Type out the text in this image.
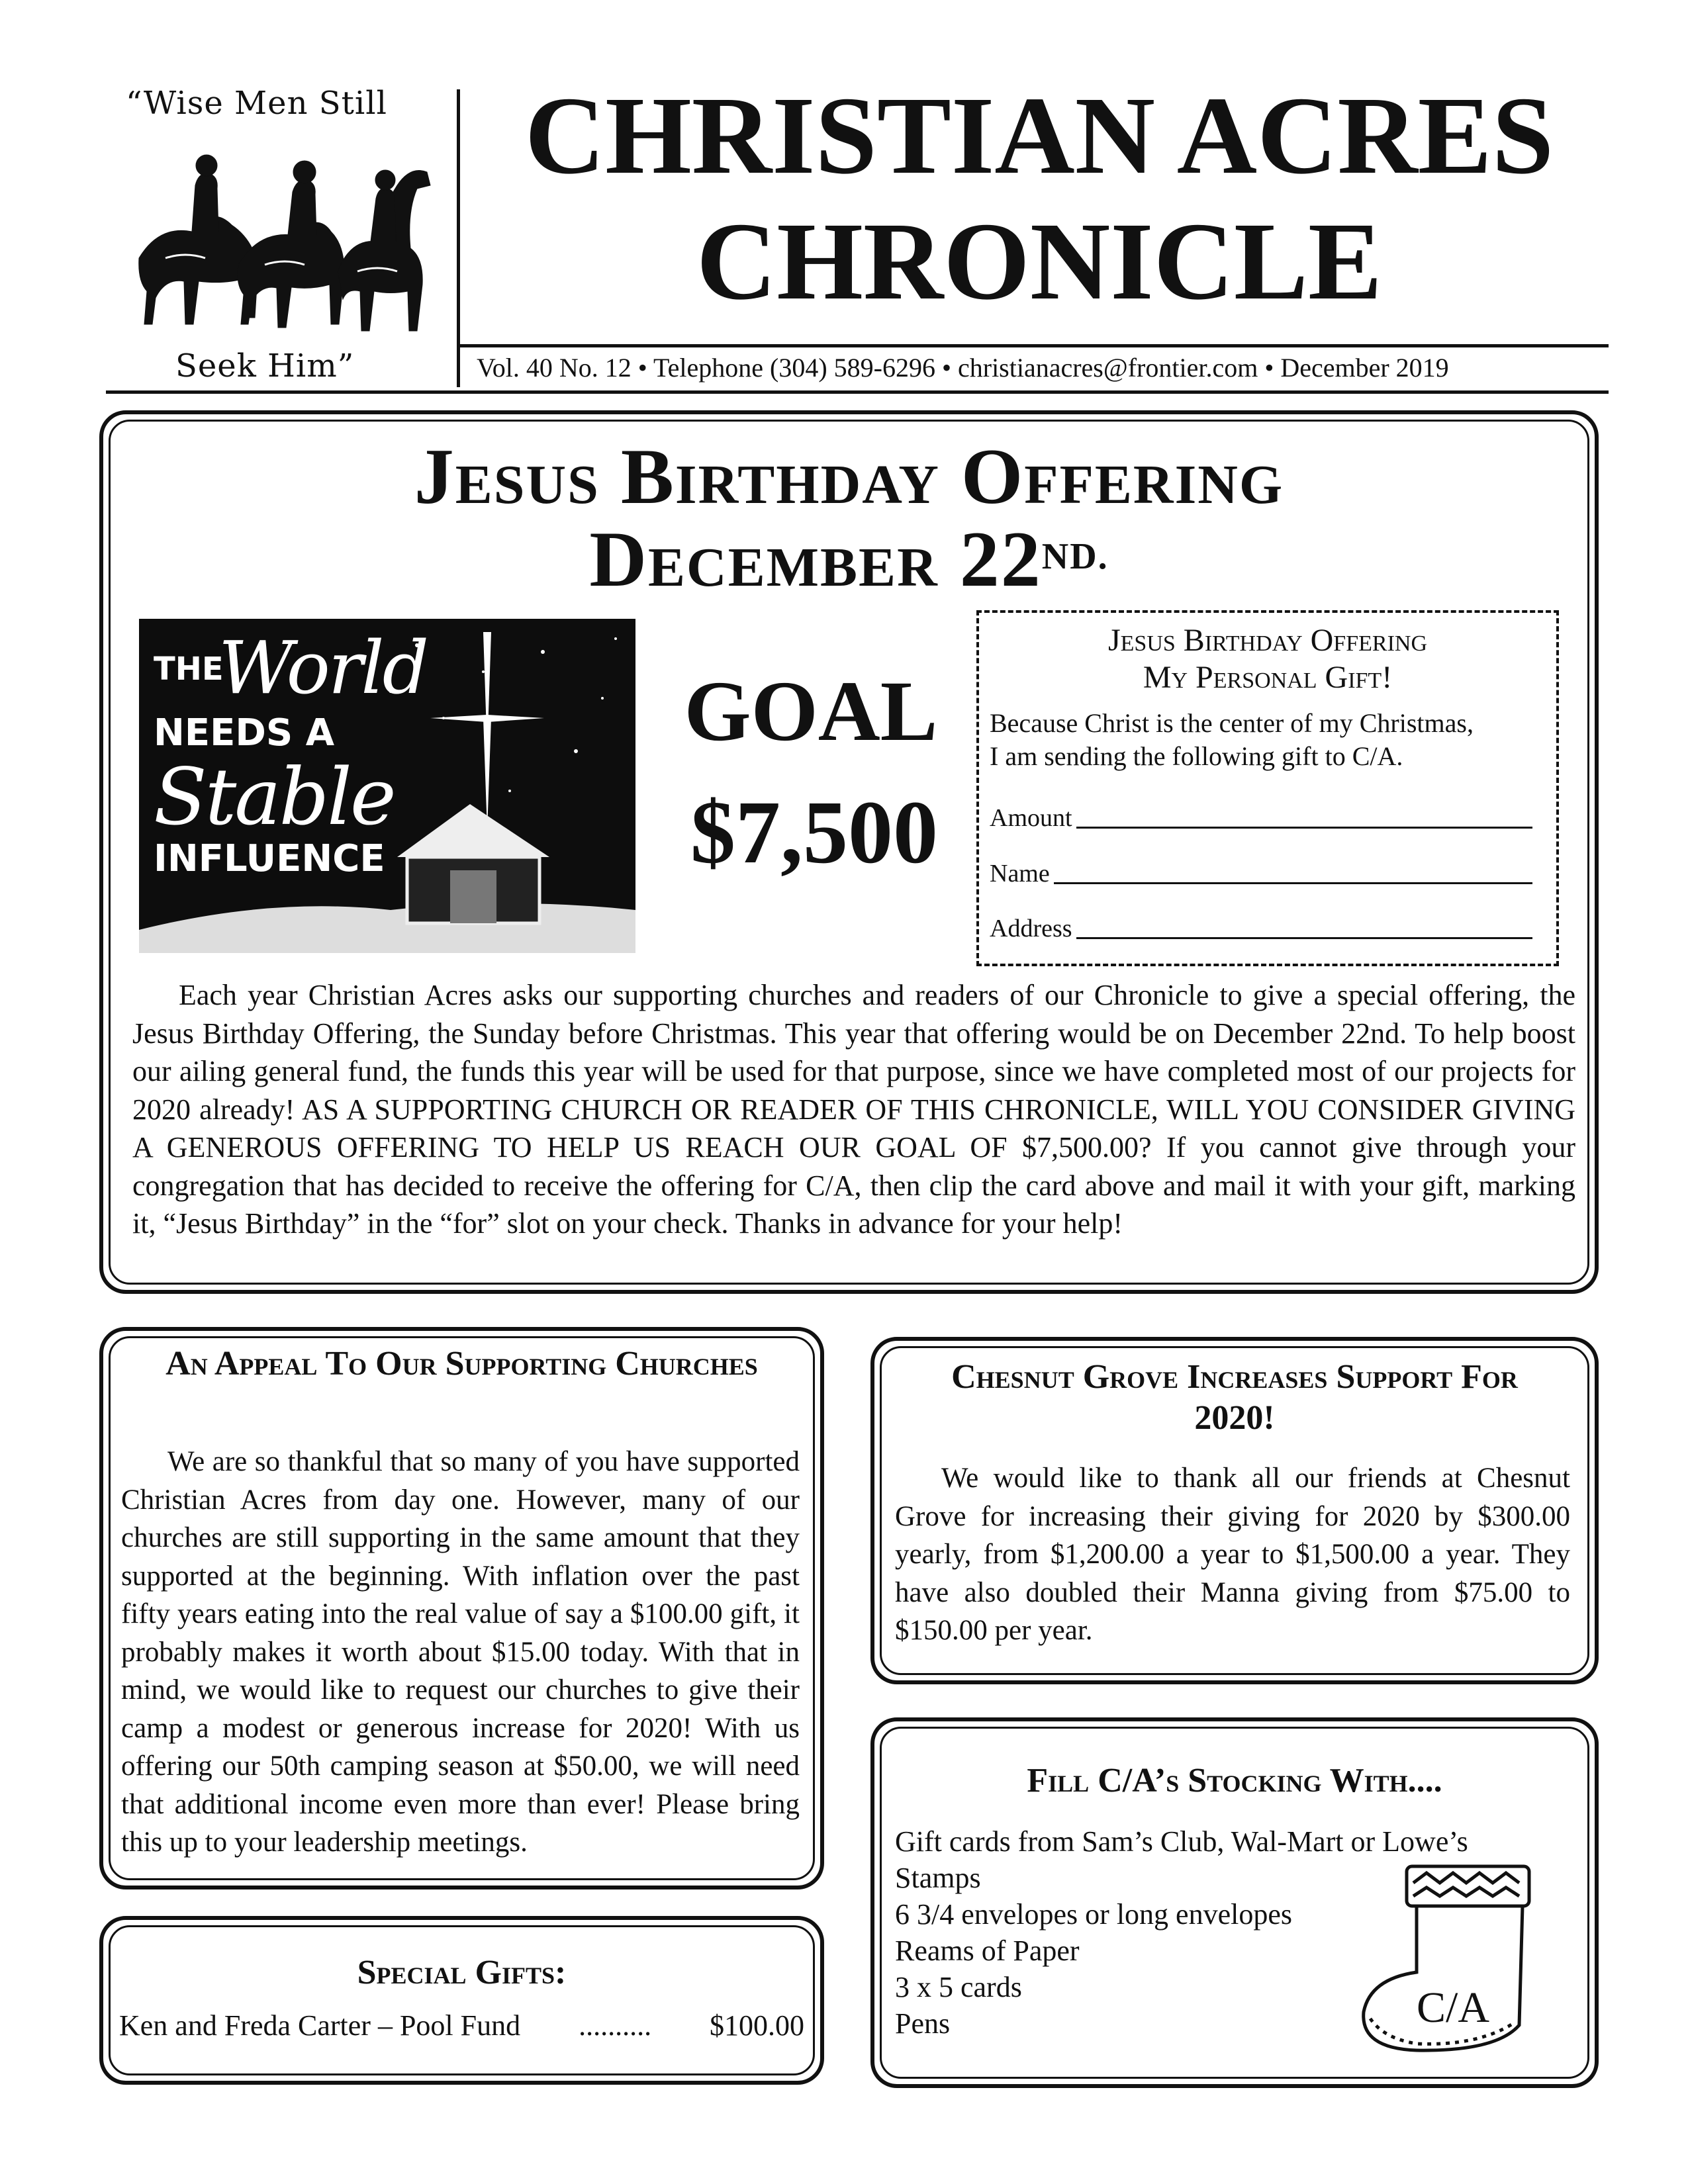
“Wise Men Still
Seek Him”
CHRISTIAN ACRES
CHRONICLE
Vol. 40 No. 12 • Telephone (304) 589-6296 • christianacres@frontier.com • December 2019
Jesus Birthday Offering
December $22^{ND.}$
THE
World
NEEDS A
Stable
INFLUENCE
GOAL
$7,500
Jesus Birthday Offering
My Personal Gift!
Because Christ is the center of my Christmas,
I am sending the following gift to C/A.
Amount
Name
Address
Each year Christian Acres asks our supporting churches and readers of our Chronicle to give a special offering, the Jesus Birthday Offering, the Sunday before Christmas. This year that offering would be on December 22nd. To help boost our ailing general fund, the funds this year will be used for that purpose, since we have completed most of our projects for 2020 already! AS A SUPPORTING CHURCH OR READER OF THIS CHRONICLE, WILL YOU CONSIDER GIVING A GENEROUS OFFERING TO HELP US REACH OUR GOAL OF $7,500.00? If you cannot give through your congregation that has decided to receive the offering for C/A, then clip the card above and mail it with your gift, marking it, “Jesus Birthday” in the “for” slot on your check. Thanks in advance for your help!
An Appeal To Our Supporting Churches
We are so thankful that so many of you have supported Christian Acres from day one. However, many of our churches are still supporting in the same amount that they supported at the beginning. With inflation over the past fifty years eating into the real value of say a $100.00 gift, it probably makes it worth about $15.00 today. With that in mind, we would like to request our churches to give their camp a modest or generous increase for 2020! With us offering our 50th camping season at $50.00, we will need that additional income even more than ever! Please bring this up to your leadership meetings.
Special Gifts:
Ken and Freda Carter – Pool Fund	..........	$100.00
Chesnut Grove Increases Support For 2020!
We would like to thank all our friends at Chesnut Grove for increasing their giving for 2020 by $300.00 yearly, from $1,200.00 a year to $1,500.00 a year. They have also doubled their Manna giving from $75.00 to $150.00 per year.
Fill C/A’s Stocking With....
Gift cards from Sam’s Club, Wal-Mart or Lowe’s
Stamps
6 3/4 envelopes or long envelopes
Reams of Paper
3 x 5 cards
Pens	C/A
